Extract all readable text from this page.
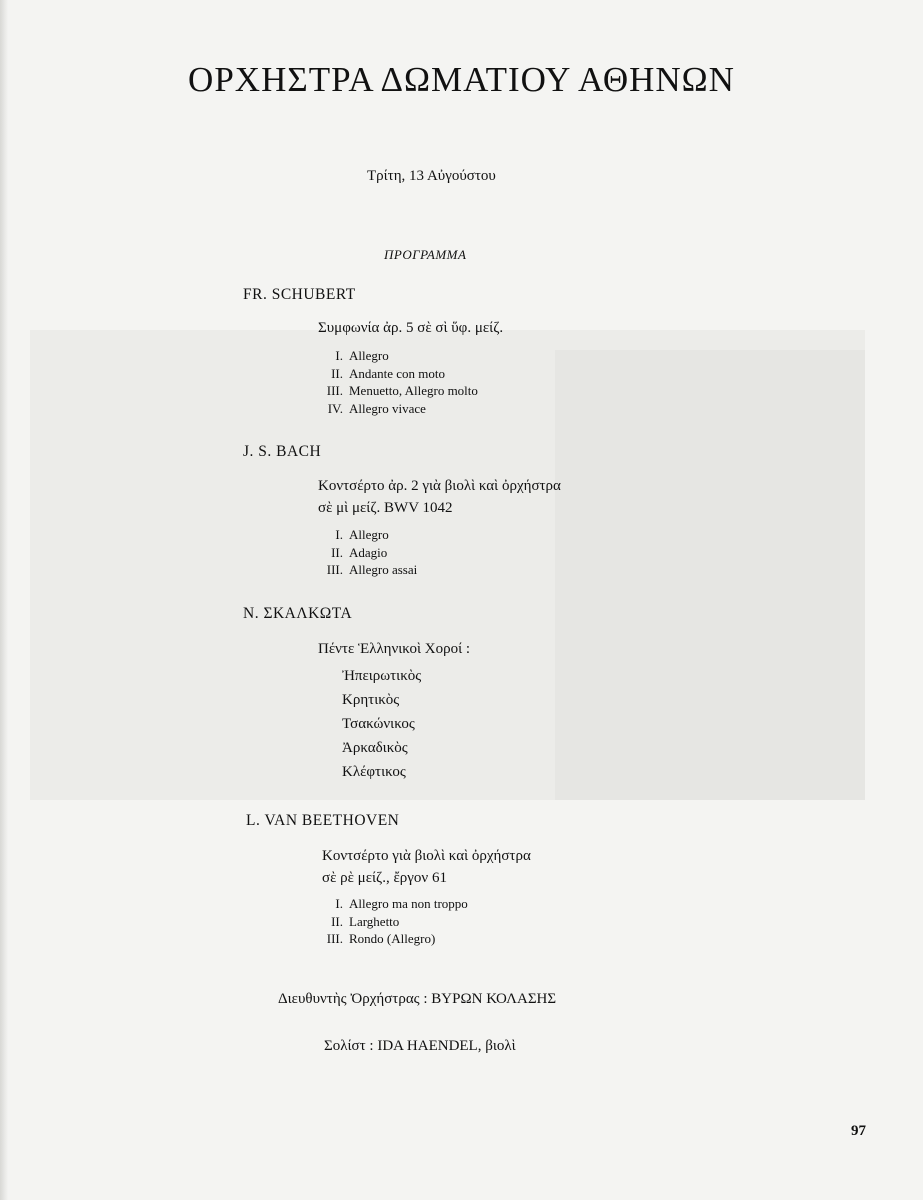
ΟΡΧΗΣΤΡΑ ΔΩΜΑΤΙΟΥ ΑΘΗΝΩΝ
Τρίτη, 13 Αὐγούστου
ΠΡΟΓΡΑΜΜΑ
FR. SCHUBERT
Συμφωνία ἀρ. 5 σὲ σὶ ὕφ. μείζ.
I. Allegro
II. Andante con moto
III. Menuetto, Allegro molto
IV. Allegro vivace
J. S. BACH
Κοντσέρτο ἀρ. 2 γιὰ βιολὶ καὶ ὀρχήστρα
σὲ μὶ μείζ. BWV 1042
I. Allegro
II. Adagio
III. Allegro assai
Ν. ΣΚΑΛΚΩΤΑ
Πέντε Ἑλληνικοὶ Χοροί :
Ἠπειρωτικὸς
Κρητικὸς
Τσακώνικος
Ἀρκαδικὸς
Κλέφτικος
L. VAN BEETHOVEN
Κοντσέρτο γιὰ βιολὶ καὶ ὀρχήστρα
σὲ ρὲ μείζ., ἔργον 61
I. Allegro ma non troppo
II. Larghetto
III. Rondo (Allegro)
Διευθυντὴς Ὀρχήστρας : ΒΥΡΩΝ ΚΟΛΑΣΗΣ
Σολίστ : IDA HAENDEL, βιολὶ
97
